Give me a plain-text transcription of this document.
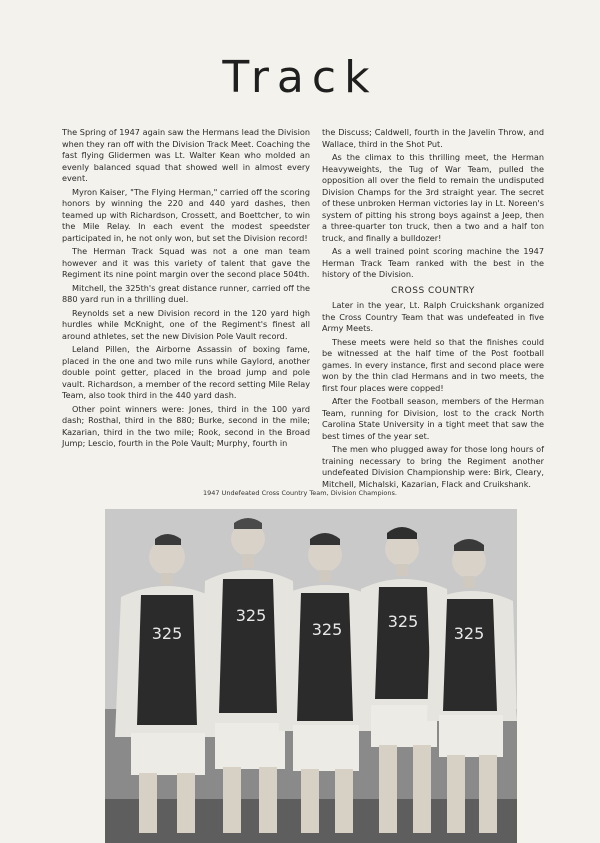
Track

The Spring of 1947 again saw the Hermans lead the Division when they ran off with the Division Track Meet. Coaching the fast flying Glidermen was Lt. Walter Kean who molded an evenly balanced squad that showed well in almost every event.

Myron Kaiser, "The Flying Herman," carried off the scoring honors by winning the 220 and 440 yard dashes, then teamed up with Richardson, Crossett, and Boettcher, to win the Mile Relay. In each event the modest speedster participated in, he not only won, but set the Division record!

The Herman Track Squad was not a one man team however and it was this variety of talent that gave the Regiment its nine point margin over the second place 504th.

Mitchell, the 325th's great distance runner, carried off the 880 yard run in a thrilling duel.

Reynolds set a new Division record in the 120 yard high hurdles while McKnight, one of the Regiment's finest all around athletes, set the new Division Pole Vault record.

Leland Pillen, the Airborne Assassin of boxing fame, placed in the one and two mile runs while Gaylord, another double point getter, placed in the broad jump and pole vault. Richardson, a member of the record setting Mile Relay Team, also took third in the 440 yard dash.

Other point winners were: Jones, third in the 100 yard dash; Rosthal, third in the 880; Burke, second in the mile; Kazarian, third in the two mile; Rook, second in the Broad Jump; Lescio, fourth in the Pole Vault; Murphy, fourth in

the Discuss; Caldwell, fourth in the Javelin Throw, and Wallace, third in the Shot Put.

As the climax to this thrilling meet, the Herman Heavyweights, the Tug of War Team, pulled the opposition all over the field to remain the undisputed Division Champs for the 3rd straight year. The secret of these unbroken Herman victories lay in Lt. Noreen's system of pitting his strong boys against a Jeep, then a three-quarter ton truck, then a two and a half ton truck, and finally a bulldozer!

As a well trained point scoring machine the 1947 Herman Track Team ranked with the best in the history of the Division.

CROSS COUNTRY

Later in the year, Lt. Ralph Cruickshank organized the Cross Country Team that was undefeated in five Army Meets.

These meets were held so that the finishes could be witnessed at the half time of the Post football games. In every instance, first and second place were won by the thin clad Hermans and in two meets, the first four places were copped!

After the Football season, members of the Herman Team, running for Division, lost to the crack North Carolina State University in a tight meet that saw the best times of the year set.

The men who plugged away for those long hours of training necessary to bring the Regiment another undefeated Division Championship were: Birk, Cleary, Mitchell, Michalski, Kazarian, Flack and Cruikshank.

1947 Undefeated Cross Country Team, Division Champions.
325
325
325	325
325
